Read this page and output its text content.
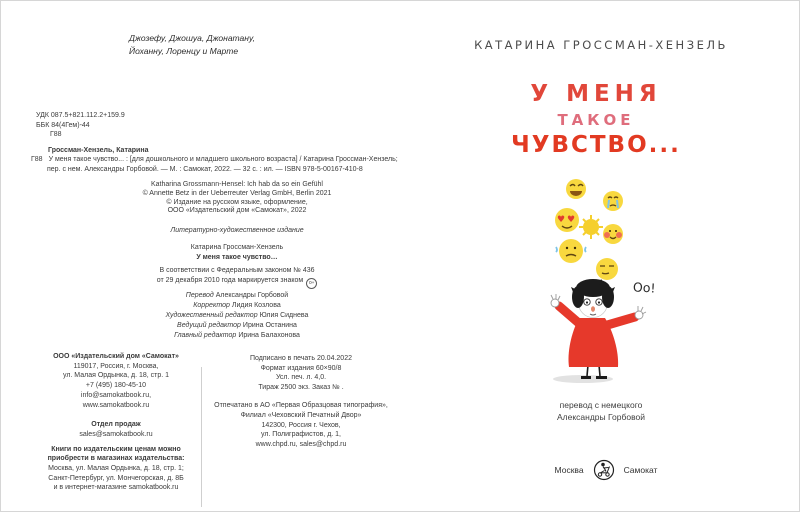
Джозефу, Джошуа, Джонатану,
Йоханну, Лоренцу и Марте
УДК 087.5+821.112.2+159.9
ББК 84(4Гем)-44
Г88
Гроссман-Хензель, Катарина

Г88 У меня такое чувство... : [для дошкольного и младшего школьного возраста] / Катарина Гроссман-Хензель; пер. с нем. Александры Горбовой. — М. : Самокат, 2022. — 32 с. : ил. — ISBN 978-5-00167-410-8

Katharina Grossmann-Hensel: Ich hab da so ein Gefühl
© Annette Betz in der Ueberreuter Verlag GmbH, Berlin 2021
© Издание на русском языке, оформление,
ООО «Издательский дом «Самокат», 2022
Литературно-художественное издание
Катарина Гроссман-Хензель
У меня такое чувство…
В соответствии с Федеральным законом № 436
от 29 декабря 2010 года маркируется знаком 0+
Перевод Александры Горбовой
Корректор Лидия Козлова
Художественный редактор Юлия Сиднева
Ведущий редактор Ирина Останина
Главный редактор Ирина Балахонова
ООО «Издательский дом «Самокат»
119017, Россия, г. Москва,
ул. Малая Ордынка, д. 18, стр. 1
+7 (495) 180-45-10
info@samokatbook.ru,
www.samokatbook.ru
Отдел продаж
sales@samokatbook.ru
Книги по издательским ценам можно
приобрести в магазинах издательства:
Москва, ул. Малая Ордынка, д. 18, стр. 1;
Санкт-Петербург, ул. Мончегорская, д. 8Б
и в интернет-магазине samokatbook.ru
Подписано в печать 20.04.2022
Формат издания 60×90/8
Усл. печ. л. 4,0.
Тираж 2500 экз. Заказ № .
Отпечатано в АО «Первая Образцовая типография»,
Филиал «Чеховский Печатный Двор»
142300, Россия г. Чехов,
ул. Полиграфистов, д. 1,
www.chpd.ru, sales@chpd.ru
КАТАРИНА ГРОССМАН-ХЕНЗЕЛЬ
У МЕНЯ
ТАКОЕ
ЧУВСТВО...
♥ ♥
Оо!
перевод с немецкого
Александры Горбовой
Москва	Самокат
